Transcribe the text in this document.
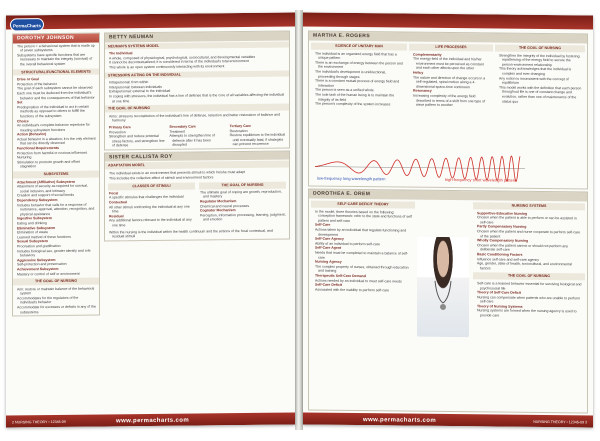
PermaCharts
DOROTHY JOHNSON
The person = a behavioral system that is made up of seven subsystems
Subsystems have specific functions that are necessary to maintain the integrity (survival) of the overall behavioral system
STRUCTURAL/FUNCTIONAL ELEMENTS
Drive or Goal
Protection of the behavior
The goal of each subsystem cannot be observed
Each one must be deduced from the individual's behavior and the consequences of that behavior
Set
Predisposition of the individual to act in certain methods as opposed to others to fulfill the functions of the subsystem
Choice
An individual's complete behavior repertoire for meeting subsystem functions
Action (Behavior)
Actual behavior in a situation; it is the only element that can be directly observed
Functional Requirements
Protection from harmful or noxious influences
Nurturing
Stimulation to promote growth and offset stagnation
SUBSYSTEMS
Attachment (Affiliative) Subsystem
Attainment of security as required for survival, social inclusion, and intimacy
Creation and support of social bonds
Dependency Subsystem
Includes behavior that calls for a response of nurturance, approval, attention, recognition, and physical assistance
Ingestive Subsystem
Eating and drinking
Eliminative Subsystem
Elimination of waste
Learned method of these functions
Sexual Subsystem
Procreation and gratification
Includes biological sex, gender identity and role behaviors
Aggressive Subsystem
Self-protection and preservation
Achievement Subsystem
Mastery or control of self or environment
THE GOAL OF NURSING
Aim: restore or maintain balance of the behavioral system
Accommodates for the regulators of the individual's behavior
Accommodate for excesses or deficits in any of the subsystems
BETTY NEUMAN
NEUMAN'S SYSTEMS MODEL
The Individual
A whole, composed of physiological, psychological, sociocultural, and developmental variables
It cannot be decontextualized; it is considered in terms of the individual's total environment
This whole is an open system continuously interacting with its environment
STRESSORS ACTING ON THE INDIVIDUAL
Intrapersonal: from within
Interpersonal: between individuals
Extrapersonal: external to the individual
In coping with stressors, the individual has a line of defense that is the core of all variables affecting the individual at one time
THE GOAL OF NURSING
Aims: stressors reconstitution of the individual's line of defense, retention and better restoration of balance and harmony
Primary Care
Prevention
Strengthen and reduce potential stress factors, and strengthen line of defense
Secondary Care
Treatment
Attempts to strengthen line of defense after it has been disrupted
Tertiary Care
Restoration
Restore equilibrium to the individual until eventually fatal, if strategies can prevent recurrence
SISTER CALLISTA ROY
ADAPTATION MODEL
The individual exists in an environment that presents stimuli to which he/she must adapt
This includes the collective effect of stimuli and environment factors
CLASSES OF STIMULI
Focal
A specific stimulus that challenges the individual
Contextual
All other stimuli confronting the individual at any one time
Residual
Any additional factors relevant to the individual at any one time
THE GOAL OF NURSING
The ultimate goal of coping are growth, reproduction, and mastery
Regulator Mechanism
Chemical and neural processes
Cognator Mechanism
Perception, information processing, learning, judgment, and emotion
Within the nursing is the individual within the health continuum and the actions of the focal contextual, and residual stimuli
2 NURSING THEORY • 12345-09	www.permacharts.com
MARTHA E. ROGERS
SCIENCE OF UNITARY MAN
The individual is an organized energy field that has a unique pattern
There is an exchange of energy between the person and the environment
The individual's development is unidirectional, proceeding through stages
There is a constant mutual process of energy field and interaction
The person is seen as a unified whole
The sole task of the human being is to maintain the integrity of its field
The person's complexity of the system increases
LIFE PROCESSES
Complementarity
The energy field of the individual and his/her environment must be perceived as constant and each other affects upon the other
Helicy
The nature and direction of change occurs in a self-regulated, spiral motion along a 4-dimensional space-time continuum
Resonancy
Increasing complexity of the energy field described in terms of a shift from one type of wave pattern to another
THE GOAL OF NURSING
Strengthen the integrity of the individual by fostering repatterning of the energy field to secure the person-environment relationship
This theory acknowledges that the individual is complex and ever-changing
Any notion is inconsistent with the concept of equilibrium
This model works with the definition that each person throughout life is one of constant change and evolution, rather than one of maintenance of the status quo
low-frequency long wavelength pattern	high-frequency short wavelength pattern
DOROTHEA E. OREM
SELF-CARE DEFICIT THEORY
In the model, three theories based on the following: conception framework: refer to the state and functions of self pattern and self-care
Self-Care
Actions taken by an individual that regulate functioning and development
Self-Care Agency
Ability of an individual to perform self-care
Self-Care Agent
Needs that must be completed to maintain a balance of self-care
Nursing Agency
The complex property of nurses, obtained through education and training
Therapeutic Self-Care Demand
Actions needed by an individual to meet self-care needs
Self-Care Deficit
Associated with the inability to perform self-care
NURSING SYSTEMS
Supportive-Educative Nursing
Chosen when the patient is able to perform or can be assisted in self-care
Partly Compensatory Nursing
Chosen when the patient and nurse cooperate to perform self-care of the patient
Wholly Compensatory Nursing
Chosen when the patient cannot or should not perform any deliberate self-care
Basic Conditioning Factors
Influence self-care and self-care agency
Age, gender, state of health, sociocultural, and environmental factors
THE GOAL OF NURSING
Self-care is a learned behavior essential for surviving biological and psychosocial life
Theory of Self-Care Deficit
Nursing can compensate when patients who are unable to perform self-care
Theory of Nursing Systems
Nursing systems are formed when the nursing agency is used to provide care
www.permacharts.com	NURSING THEORY • 12345-09 3
